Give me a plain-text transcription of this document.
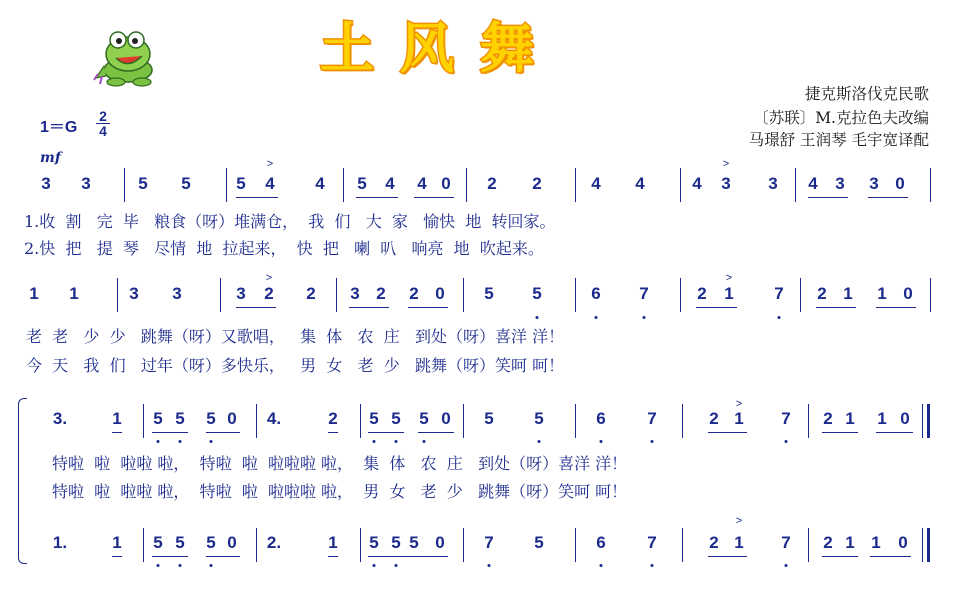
土风舞
捷克斯洛伐克民歌
〔苏联〕M.克拉色夫改编
马璟舒 王润琴 毛宇宽译配
1＝G
2
4
mf
3 3	5 5	5 4 4 5 4 4 0 2 2	4 4	4 3 3 4 3 3 0
1 1	3 3	3 2 2 3 2 2 0 5 5	6 7	2 1 7 2 1 1 0
3.	1 5 5 5 0 4.	2 5 5 5 0 5 5	6 7	2 1 7 2 1 1 0
1.	1 5 5 5 0 2.	1 5 5 5 0 7 5	6 7	2 1 7 2 1 1 0
1.收  割   完  毕   粮食（呀）堆满仓，  我  们   大  家   愉快  地  转回家。
2.快  把   提  琴   尽情  地  拉起来，  快  把   喇  叭   响亮  地  吹起来。
老  老   少  少   跳舞（呀）又歌唱，   集  体   农  庄   到处（呀）喜洋 洋！
今  天   我  们   过年（呀）多快乐，   男  女   老  少   跳舞（呀）笑呵 呵！
特啦  啦  啦啦 啦，  特啦  啦  啦啦啦 啦，  集  体   农  庄   到处（呀）喜洋 洋！
特啦  啦  啦啦 啦，  特啦  啦  啦啦啦 啦，  男  女   老  少   跳舞（呀）笑呵 呵！
>	>
>	>
>
>
